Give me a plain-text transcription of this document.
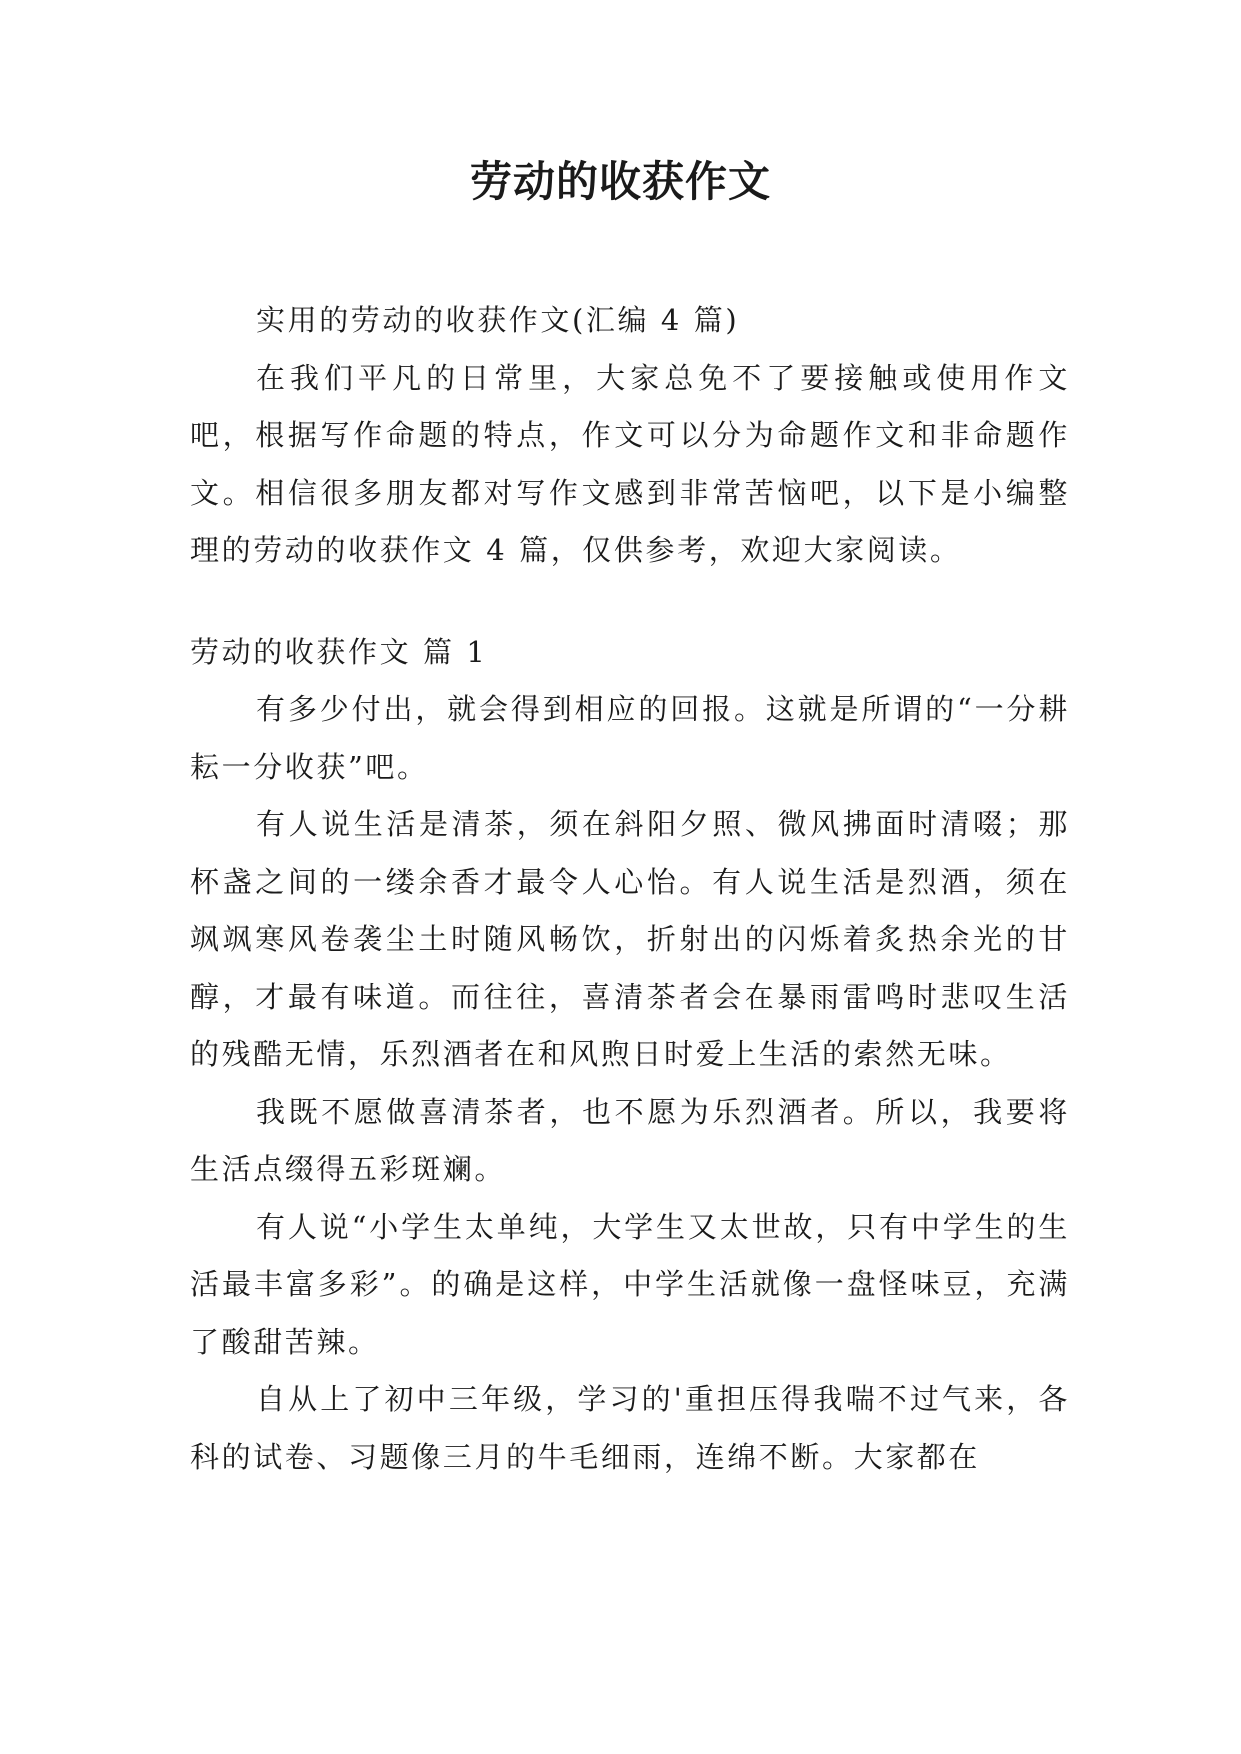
劳动的收获作文

实用的劳动的收获作文(汇编 4 篇)

在我们平凡的日常里，大家总免不了要接触或使用作文吧，根据写作命题的特点，作文可以分为命题作文和非命题作文。相信很多朋友都对写作文感到非常苦恼吧，以下是小编整理的劳动的收获作文 4 篇，仅供参考，欢迎大家阅读。

劳动的收获作文 篇 1

有多少付出，就会得到相应的回报。这就是所谓的“一分耕耘一分收获”吧。

有人说生活是清茶，须在斜阳夕照、微风拂面时清啜；那杯盏之间的一缕余香才最令人心怡。有人说生活是烈酒，须在飒飒寒风卷袭尘土时随风畅饮，折射出的闪烁着炙热余光的甘醇，才最有味道。而往往，喜清茶者会在暴雨雷鸣时悲叹生活的残酷无情，乐烈酒者在和风煦日时爱上生活的索然无味。

我既不愿做喜清茶者，也不愿为乐烈酒者。所以，我要将生活点缀得五彩斑斓。

有人说“小学生太单纯，大学生又太世故，只有中学生的生活最丰富多彩”。的确是这样，中学生活就像一盘怪味豆，充满了酸甜苦辣。

自从上了初中三年级，学习的'重担压得我喘不过气来，各科的试卷、习题像三月的牛毛细雨，连绵不断。大家都在
